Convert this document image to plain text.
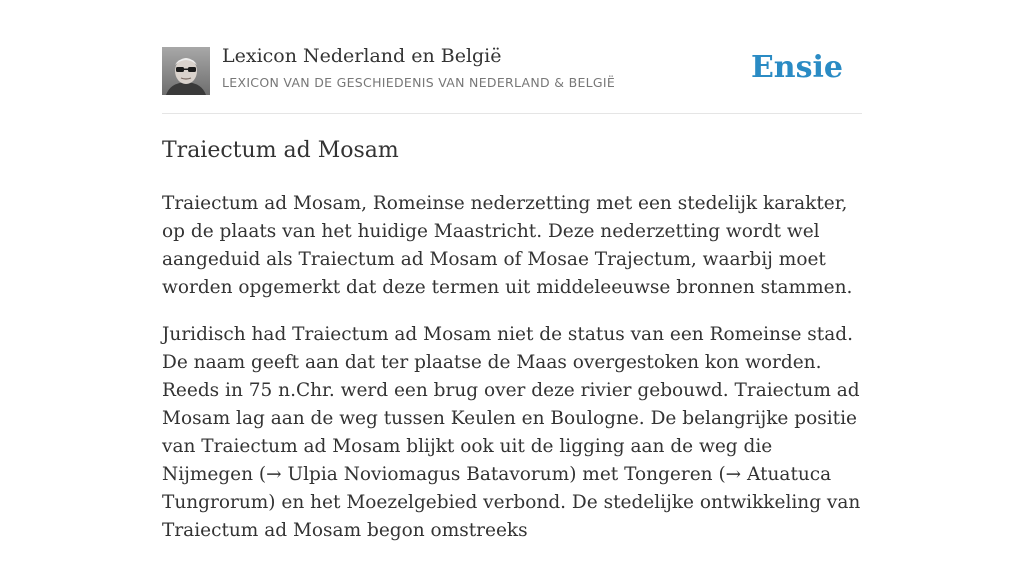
Lexicon Nederland en België
LEXICON VAN DE GESCHIEDENIS VAN NEDERLAND & BELGIË	Ensie
Traiectum ad Mosam

Traiectum ad Mosam, Romeinse nederzetting met een stedelijk karakter, op de plaats van het huidige Maastricht. Deze nederzetting wordt wel aangeduid als Traiectum ad Mosam of Mosae Trajectum, waarbij moet worden opgemerkt dat deze termen uit middeleeuwse bronnen stammen.

Juridisch had Traiectum ad Mosam niet de status van een Romeinse stad. De naam geeft aan dat ter plaatse de Maas overgestoken kon worden. Reeds in 75 n.Chr. werd een brug over deze rivier gebouwd. Traiectum ad Mosam lag aan de weg tussen Keulen en Boulogne. De belangrijke positie van Traiectum ad Mosam blijkt ook uit de ligging aan de weg die Nijmegen (→ Ulpia Noviomagus Batavorum) met Tongeren (→ Atuatuca Tungrorum) en het Moezelgebied verbond. De stedelijke ontwikkeling van Traiectum ad Mosam begon omstreeks
